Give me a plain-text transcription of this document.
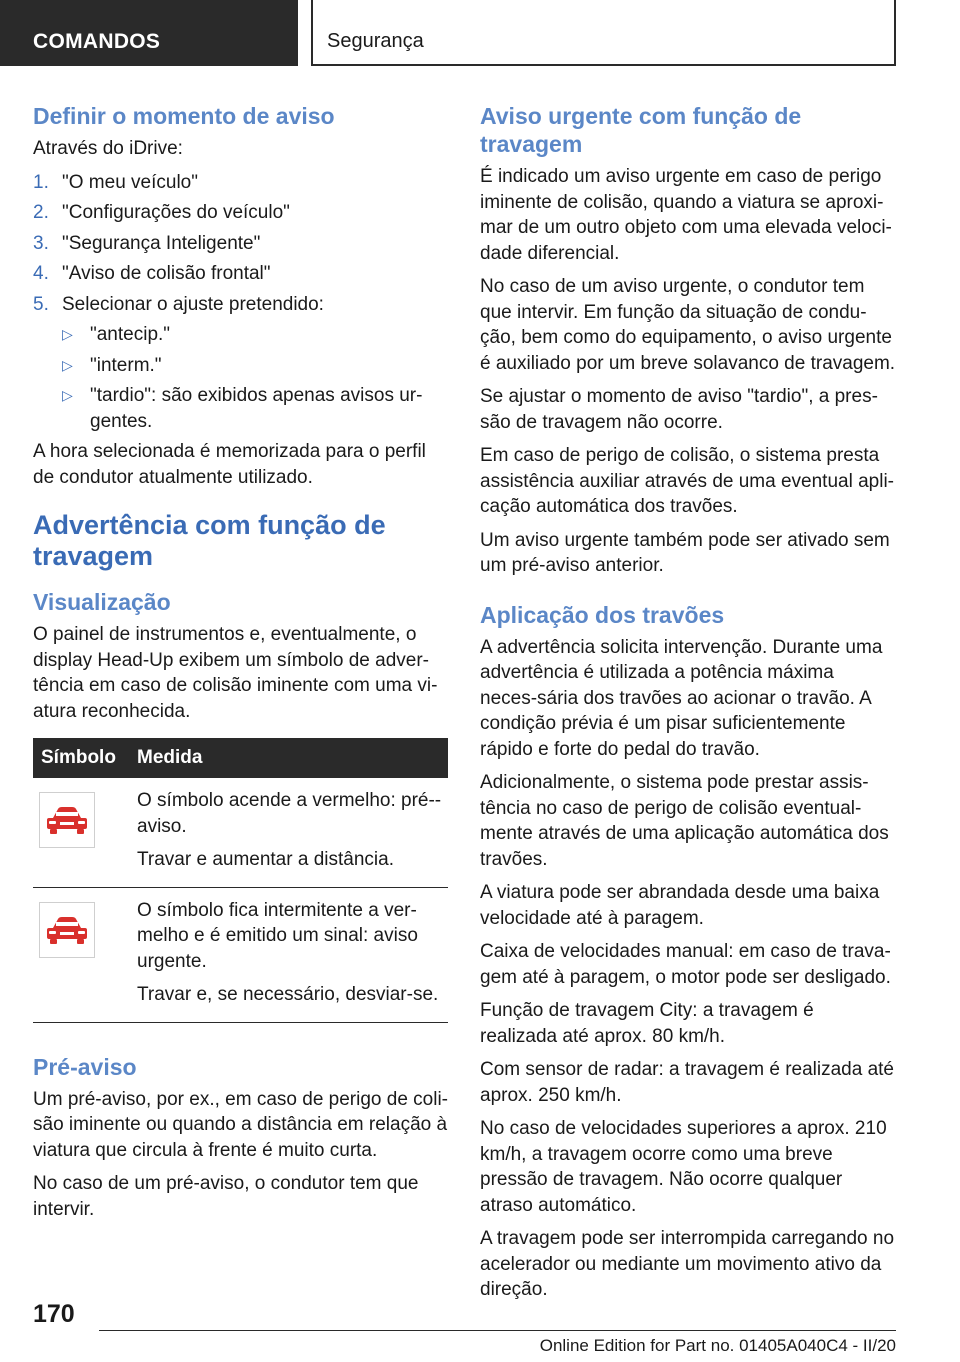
COMANDOS	Segurança
Definir o momento de aviso

Através do iDrive:

1. "O meu veículo"
2. "Configurações do veículo"
3. "Segurança Inteligente"
4. "Aviso de colisão frontal"
5. Selecionar o ajuste pretendido:
▷ "antecip."
▷ "interm."
▷ "tardio": são exibidos apenas avisos ur-gentes.

A hora selecionada é memorizada para o perfil de condutor atualmente utilizado.

Advertência com função de travagem
Visualização

O painel de instrumentos e, eventualmente, o display Head-Up exibem um símbolo de adver-tência em caso de colisão iminente com uma vi-atura reconhecida.

Símbolo	Medida

O símbolo acende a vermelho: pré--aviso.

Travar e aumentar a distância.

O símbolo fica intermitente a ver-melho e é emitido um sinal: aviso urgente.

Travar e, se necessário, desviar-se.

Pré-aviso

Um pré-aviso, por ex., em caso de perigo de coli-são iminente ou quando a distância em relação à viatura que circula à frente é muito curta.

No caso de um pré-aviso, o condutor tem que intervir.

Aviso urgente com função de travagem

É indicado um aviso urgente em caso de perigo iminente de colisão, quando a viatura se aproxi-mar de um outro objeto com uma elevada veloci-dade diferencial.

No caso de um aviso urgente, o condutor tem que intervir. Em função da situação de condu-ção, bem como do equipamento, o aviso urgente é auxiliado por um breve solavanco de travagem.

Se ajustar o momento de aviso "tardio", a pres-são de travagem não ocorre.

Em caso de perigo de colisão, o sistema presta assistência auxiliar através de uma eventual apli-cação automática dos travões.

Um aviso urgente também pode ser ativado sem um pré-aviso anterior.

Aplicação dos travões

A advertência solicita intervenção. Durante uma advertência é utilizada a potência máxima neces-sária dos travões ao acionar o travão. A condição prévia é um pisar suficientemente rápido e forte do pedal do travão.

Adicionalmente, o sistema pode prestar assis-tência no caso de perigo de colisão eventual-mente através de uma aplicação automática dos travões.

A viatura pode ser abrandada desde uma baixa velocidade até à paragem.

Caixa de velocidades manual: em caso de trava-gem até à paragem, o motor pode ser desligado.

Função de travagem City: a travagem é realizada até aprox. 80 km/h.

Com sensor de radar: a travagem é realizada até aprox. 250 km/h.

No caso de velocidades superiores a aprox. 210 km/h, a travagem ocorre como uma breve pressão de travagem. Não ocorre qualquer atraso automático.

A travagem pode ser interrompida carregando no acelerador ou mediante um movimento ativo da direção.

170
Online Edition for Part no. 01405A040C4 - II/20
